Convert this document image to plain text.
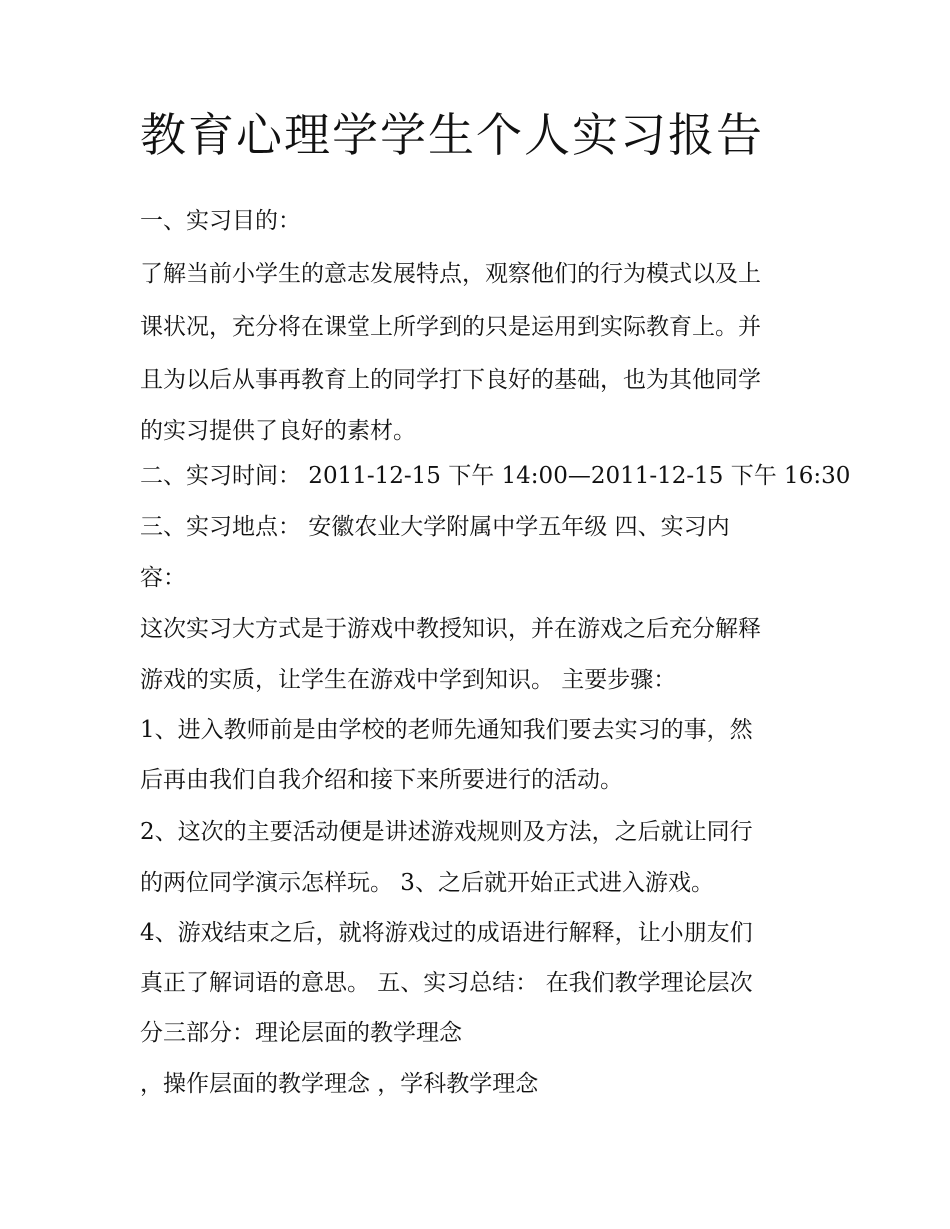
教育心理学学生个人实习报告
一、实习目的：
了解当前小学生的意志发展特点，观察他们的行为模式以及上
课状况，充分将在课堂上所学到的只是运用到实际教育上。并
且为以后从事再教育上的同学打下良好的基础，也为其他同学
的实习提供了良好的素材。
二、实习时间： 2011-12-15 下午 14:00—2011-12-15 下午 16:30
三、实习地点： 安徽农业大学附属中学五年级 四、实习内
容：
这次实习大方式是于游戏中教授知识，并在游戏之后充分解释
游戏的实质，让学生在游戏中学到知识。 主要步骤：
1、进入教师前是由学校的老师先通知我们要去实习的事，然
后再由我们自我介绍和接下来所要进行的活动。
2、这次的主要活动便是讲述游戏规则及方法，之后就让同行
的两位同学演示怎样玩。 3、之后就开始正式进入游戏。
4、游戏结束之后，就将游戏过的成语进行解释，让小朋友们
真正了解词语的意思。 五、实习总结： 在我们教学理论层次
分三部分：理论层面的教学理念
，操作层面的教学理念 ，学科教学理念
